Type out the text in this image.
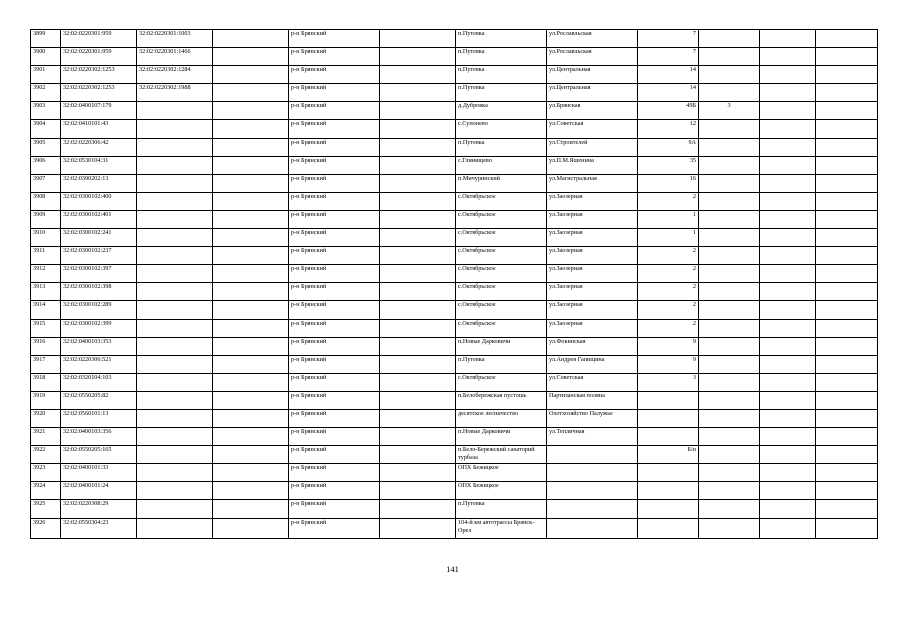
3899	32:02:0220301:959	32:02:0220301:1003		р-н Брянский		п.Путевка	ул.Рославльская	7			
3900	32:02:0220301:959	32:02:0220301:1466		р-н Брянский		п.Путевка	ул.Рославльская	7			
3901	32:02:0220302:1253	32:02:0220302:1284		р-н Брянский		п.Путевка	ул.Центральная	14			
3902	32:02:0220302:1253	32:02:0220302:1988		р-н Брянский		п.Путевка	ул.Центральная	14			
3903	32:02:0400107:179			р-н Брянский		д.Дубровка	ул.Брянская	49Б	3		
3904	32:02:0410101:43			р-н Брянский		с.Супонево	ул.Советская	12			
3905	32:02:0220306:42			р-н Брянский		п.Путевка	ул.Строителей	9А			
3906	32:02:0530104:31			р-н Брянский		с.Глинищево	ул.П.М.Яшенина	35			
3907	32:02:0390202:13			р-н Брянский		п.Мичуринский	ул.Магистральная	16			
3908	32:02:0300102:400			р-н Брянский		с.Октябрьское	ул.Заозерная	2			
3909	32:02:0300102:401			р-н Брянский		с.Октябрьское	ул.Заозерная	1			
3910	32:02:0300102:241			р-н Брянский		с.Октябрьское	ул.Заозерная	1			
3911	32:02:0300102:237			р-н Брянский		с.Октябрьское	ул.Заозерная	2			
3912	32:02:0300102:397			р-н Брянский		с.Октябрьское	ул.Заозерная	2			
3913	32:02:0300102:398			р-н Брянский		с.Октябрьское	ул.Заозерная	2			
3914	32:02:0300102:289			р-н Брянский		с.Октябрьское	ул.Заозерная	2			
3915	32:02:0300102:399			р-н Брянский		с.Октябрьское	ул.Заозерная	2			
3916	32:02:0400103:353			р-н Брянский		п.Новые Дарковичи	ул.Фокинская	9			
3917	32:02:0220306:521			р-н Брянский		п.Путевка	ул.Андрея Гапищина	9			
3918	32:02:0320104:103			р-н Брянский		с.Октябрьское	ул.Советская	3			
3919	32:02:0550205:82			р-н Брянский		п.Белобережская пустошь	Партизанская поляна				
3920	32:02:0560101:13			р-н Брянский		десятское лесничество	Охотхозяйство Палужье				
3921	32:02:0400103:356			р-н Брянский		п.Новые Дарковичи	ул.Тепличная				
3922	32:02:0550205:165			р-н Брянский		п.Бело-Бережский санаторий турбаза		Б/н			
3923	32:02:0400101:33			р-н Брянский		ОПХ Бежицкое					
3924	32:02:0400101:24			р-н Брянский		ОПХ Бежицкое					
3925	32:02:0220308:29			р-н Брянский		п.Путевка					
3926	32:02:0550304:23			р-н Брянский		104-й км автотрассы Брянск-Орел					
141
